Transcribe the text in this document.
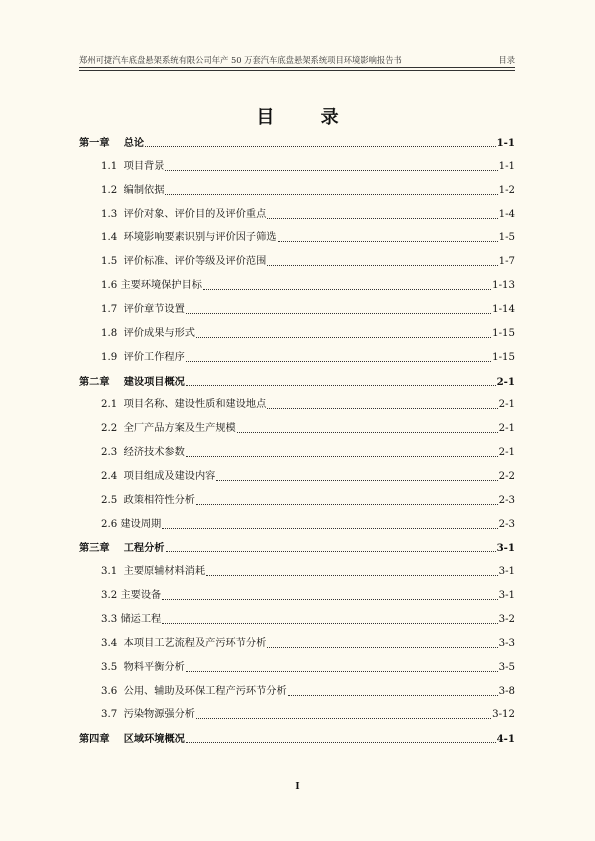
郑州可捷汽车底盘悬架系统有限公司年产 50 万套汽车底盘悬架系统项目环境影响报告书	目录
目 录
第一章    总论	1-1
1.1  项目背景	1-1
1.2  编制依据	1-2
1.3  评价对象、评价目的及评价重点	1-4
1.4  环境影响要素识别与评价因子筛选	1-5
1.5  评价标准、评价等级及评价范围	1-7
1.6 主要环境保护目标	1-13
1.7  评价章节设置	1-14
1.8  评价成果与形式	1-15
1.9  评价工作程序	1-15
第二章    建设项目概况	2-1
2.1  项目名称、建设性质和建设地点	2-1
2.2  全厂产品方案及生产规模	2-1
2.3  经济技术参数	2-1
2.4  项目组成及建设内容	2-2
2.5  政策相符性分析	2-3
2.6 建设周期	2-3
第三章    工程分析	3-1
3.1  主要原辅材料消耗	3-1
3.2 主要设备	3-1
3.3 储运工程	3-2
3.4  本项目工艺流程及产污环节分析	3-3
3.5  物料平衡分析	3-5
3.6  公用、辅助及环保工程产污环节分析	3-8
3.7  污染物源强分析	3-12
第四章    区域环境概况	4-1
I
